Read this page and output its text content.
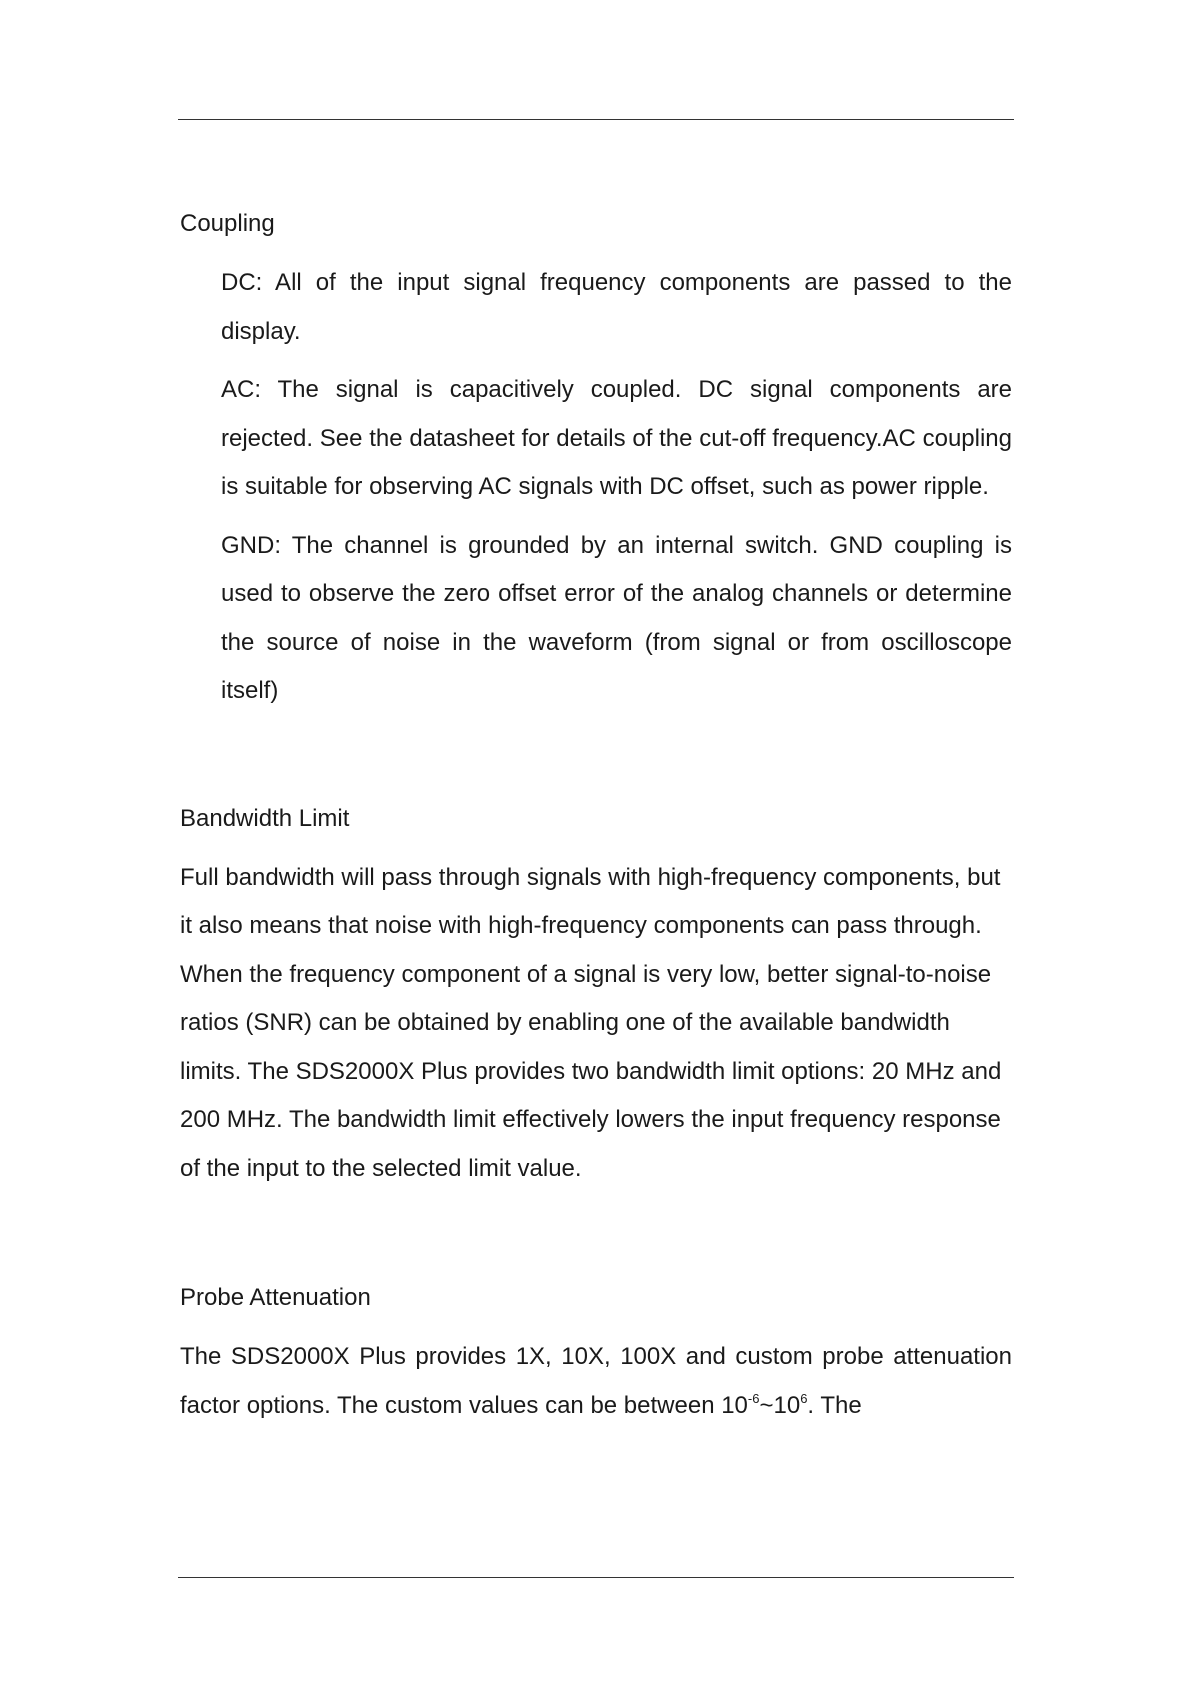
Coupling

DC: All of the input signal frequency components are passed to the display.

AC: The signal is capacitively coupled. DC signal components are rejected. See the datasheet for details of the cut-off frequency.AC coupling is suitable for observing AC signals with DC offset, such as power ripple.

GND: The channel is grounded by an internal switch. GND coupling is used to observe the zero offset error of the analog channels or determine the source of noise in the waveform (from signal or from oscilloscope itself)

Bandwidth Limit

Full bandwidth will pass through signals with high-frequency components, but it also means that noise with high-frequency components can pass through. When the frequency component of a signal is very low, better signal-to-noise ratios (SNR) can be obtained by enabling one of the available bandwidth limits. The SDS2000X Plus provides two bandwidth limit options: 20 MHz and 200 MHz. The bandwidth limit effectively lowers the input frequency response of the input to the selected limit value.

Probe Attenuation

The SDS2000X Plus provides 1X, 10X, 100X and custom probe attenuation factor options. The custom values can be between $10^{-6}\sim 10^6$. The
